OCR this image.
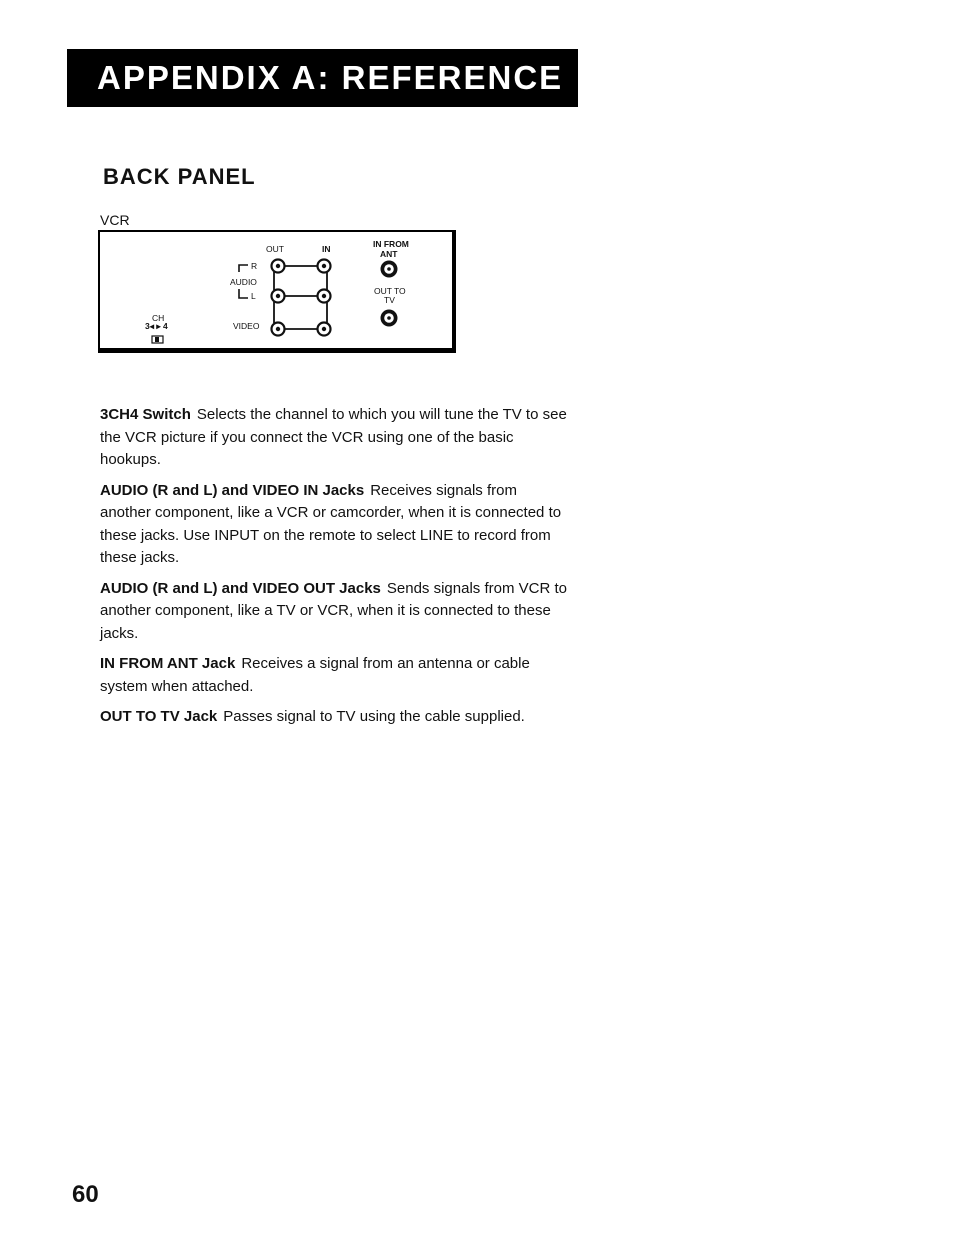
APPENDIX A: REFERENCE
BACK PANEL
VCR
OUT	IN	IN FROM
ANT
R
AUDIO
L	OUT TO
TV
CH
3◂ ▸ 4	VIDEO

3CH4 Switch Selects the channel to which you will tune the TV to see the VCR picture if you connect the VCR using one of the basic hookups.

AUDIO (R and L) and VIDEO IN Jacks Receives signals from another component, like a VCR or camcorder, when it is connected to these jacks. Use INPUT on the remote to select LINE to record from these jacks.

AUDIO (R and L) and VIDEO OUT Jacks Sends signals from VCR to another component, like a TV or VCR, when it is connected to these jacks.

IN FROM ANT Jack Receives a signal from an antenna or cable system when attached.

OUT TO TV Jack Passes signal to TV using the cable supplied.

60
